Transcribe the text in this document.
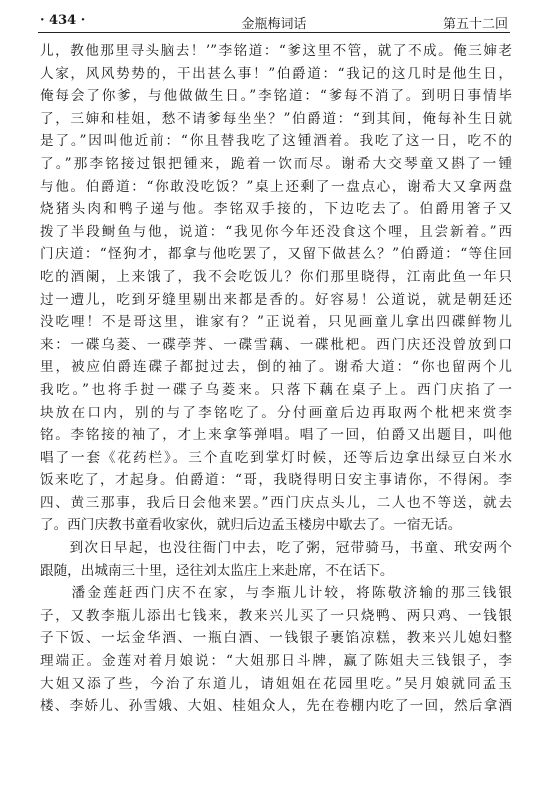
· 434 ·	金瓶梅词话	第五十二回
儿，教他那里寻头脑去！’”李铭道：“爹这里不管，就了不成。俺三婶老
人家，风风势势的，干出甚么事！”伯爵道：“我记的这几时是他生日，
俺每会了你爹，与他做做生日。”李铭道：“爹每不消了。到明日事情毕
了，三婶和桂姐，愁不请爹每坐坐？”伯爵道：“到其间，俺每补生日就
是了。”因叫他近前：“你且替我吃了这锺酒着。我吃了这一日，吃不的
了。”那李铭接过银把锺来，跪着一饮而尽。谢希大交琴童又斟了一锺
与他。伯爵道：“你敢没吃饭？”桌上还剩了一盘点心，谢希大又拿两盘
烧猪头肉和鸭子递与他。李铭双手接的，下边吃去了。伯爵用箸子又
拨了半段鲥鱼与他，说道：“我见你今年还没食这个哩，且尝新着。”西
门庆道：“怪狗才，都拿与他吃罢了，又留下做甚么？”伯爵道：“等住回
吃的酒阑，上来饿了，我不会吃饭儿？你们那里晓得，江南此鱼一年只
过一遭儿，吃到牙缝里剔出来都是香的。好容易！公道说，就是朝廷还
没吃哩！不是哥这里，谁家有？”正说着，只见画童儿拿出四碟鲜物儿
来：一碟乌菱、一碟荸荠、一碟雪藕、一碟枇杷。西门庆还没曾放到口
里，被应伯爵连碟子都挝过去，倒的袖了。谢希大道：“你也留两个儿
我吃。”也将手挝一碟子乌菱来。只落下藕在桌子上。西门庆掐了一
块放在口内，别的与了李铭吃了。分付画童后边再取两个枇杷来赏李
铭。李铭接的袖了，才上来拿筝弹唱。唱了一回，伯爵又出题目，叫他
唱了一套《花药栏》。三个直吃到掌灯时候，还等后边拿出绿豆白米水
饭来吃了，才起身。伯爵道：“哥，我晓得明日安主事请你，不得闲。李
四、黄三那事，我后日会他来罢。”西门庆点头儿，二人也不等送，就去
了。西门庆教书童看收家伙，就归后边孟玉楼房中歇去了。一宿无话。
　　到次日早起，也没往衙门中去，吃了粥，冠带骑马，书童、玳安两个
跟随，出城南三十里，迳往刘太监庄上来赴席，不在话下。
　　潘金莲赶西门庆不在家，与李瓶儿计较，将陈敬济输的那三钱银
子，又教李瓶儿添出七钱来，教来兴儿买了一只烧鸭、两只鸡、一钱银
子下饭、一坛金华酒、一瓶白酒、一钱银子裹馅凉糕，教来兴儿媳妇整
理端正。金莲对着月娘说：“大姐那日斗牌，赢了陈姐夫三钱银子，李
大姐又添了些，今治了东道儿，请姐姐在花园里吃。”吴月娘就同孟玉
楼、李娇儿、孙雪娥、大姐、桂姐众人，先在卷棚内吃了一回，然后拿酒
